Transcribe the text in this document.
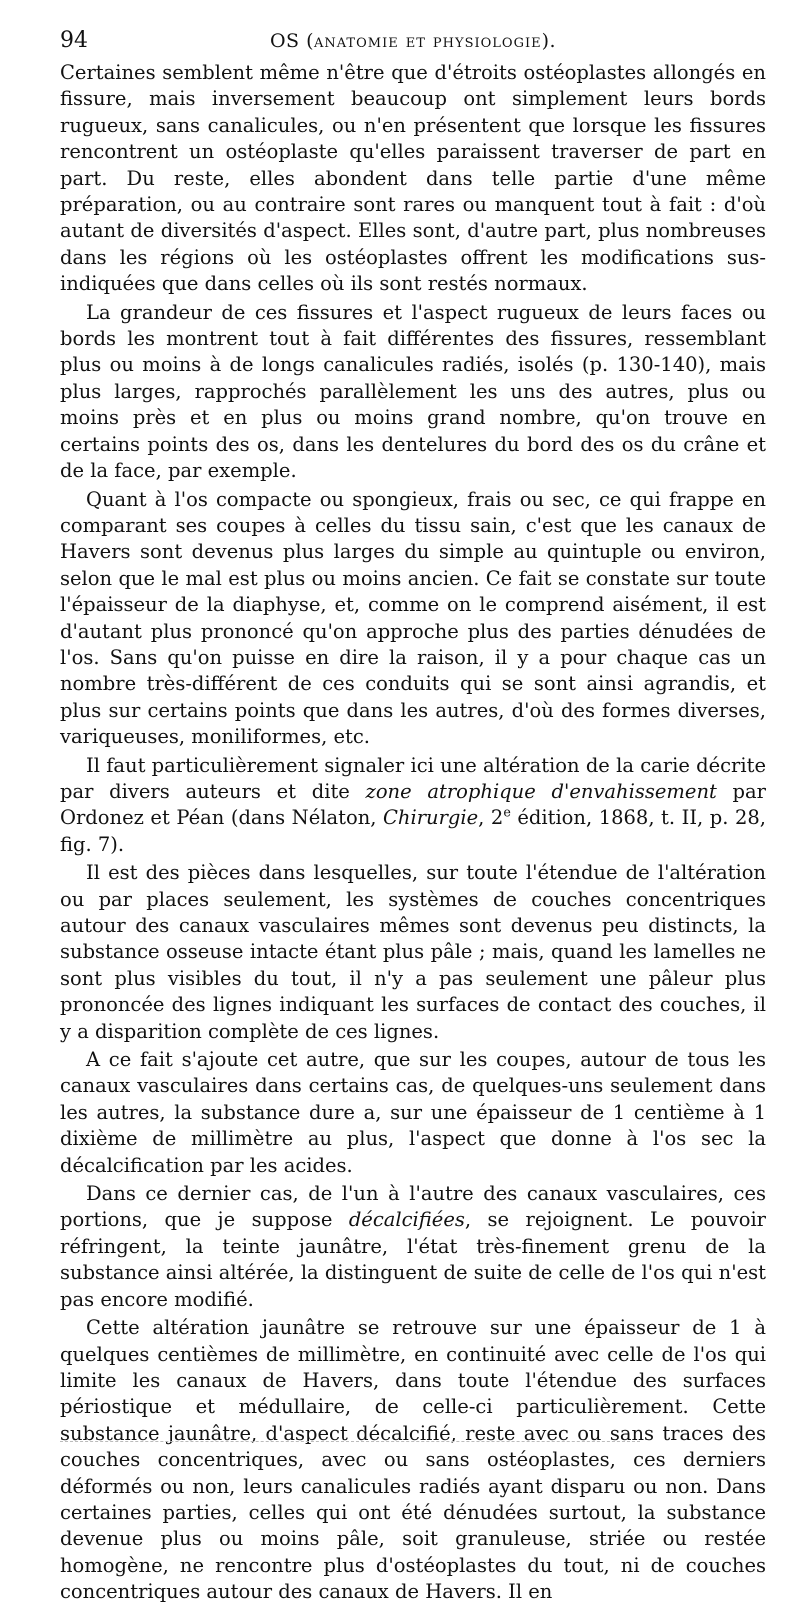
94	OS (anatomie et physiologie).

Certaines semblent même n'être que d'étroits ostéoplastes allongés en fissure, mais inversement beaucoup ont simplement leurs bords rugueux, sans canalicules, ou n'en présentent que lorsque les fissures rencontrent un ostéoplaste qu'elles paraissent traverser de part en part. Du reste, elles abondent dans telle partie d'une même préparation, ou au contraire sont rares ou manquent tout à fait : d'où autant de diversités d'aspect. Elles sont, d'autre part, plus nombreuses dans les régions où les ostéoplastes offrent les modifications sus-indiquées que dans celles où ils sont restés normaux.

La grandeur de ces fissures et l'aspect rugueux de leurs faces ou bords les montrent tout à fait différentes des fissures, ressemblant plus ou moins à de longs canalicules radiés, isolés (p. 130-140), mais plus larges, rapprochés parallèlement les uns des autres, plus ou moins près et en plus ou moins grand nombre, qu'on trouve en certains points des os, dans les dentelures du bord des os du crâne et de la face, par exemple.

Quant à l'os compacte ou spongieux, frais ou sec, ce qui frappe en comparant ses coupes à celles du tissu sain, c'est que les canaux de Havers sont devenus plus larges du simple au quintuple ou environ, selon que le mal est plus ou moins ancien. Ce fait se constate sur toute l'épaisseur de la diaphyse, et, comme on le comprend aisément, il est d'autant plus prononcé qu'on approche plus des parties dénudées de l'os. Sans qu'on puisse en dire la raison, il y a pour chaque cas un nombre très-différent de ces conduits qui se sont ainsi agrandis, et plus sur certains points que dans les autres, d'où des formes diverses, variqueuses, moniliformes, etc.

Il faut particulièrement signaler ici une altération de la carie décrite par divers auteurs et dite zone atrophique d'envahissement par Ordonez et Péan (dans Nélaton, Chirurgie, 2e édition, 1868, t. II, p. 28, fig. 7).

Il est des pièces dans lesquelles, sur toute l'étendue de l'altération ou par places seulement, les systèmes de couches concentriques autour des canaux vasculaires mêmes sont devenus peu distincts, la substance osseuse intacte étant plus pâle ; mais, quand les lamelles ne sont plus visibles du tout, il n'y a pas seulement une pâleur plus prononcée des lignes indiquant les surfaces de contact des couches, il y a disparition complète de ces lignes.

A ce fait s'ajoute cet autre, que sur les coupes, autour de tous les canaux vasculaires dans certains cas, de quelques-uns seulement dans les autres, la substance dure a, sur une épaisseur de 1 centième à 1 dixième de millimètre au plus, l'aspect que donne à l'os sec la décalcification par les acides.

Dans ce dernier cas, de l'un à l'autre des canaux vasculaires, ces portions, que je suppose décalcifiées, se rejoignent. Le pouvoir réfringent, la teinte jaunâtre, l'état très-finement grenu de la substance ainsi altérée, la distinguent de suite de celle de l'os qui n'est pas encore modifié.

Cette altération jaunâtre se retrouve sur une épaisseur de 1 à quelques centièmes de millimètre, en continuité avec celle de l'os qui limite les canaux de Havers, dans toute l'étendue des surfaces périostique et médullaire, de celle-ci particulièrement. Cette substance jaunâtre, d'aspect décalcifié, reste avec ou sans traces des couches concentriques, avec ou sans ostéoplastes, ces derniers déformés ou non, leurs canalicules radiés ayant disparu ou non. Dans certaines parties, celles qui ont été dénudées surtout, la substance devenue plus ou moins pâle, soit granuleuse, striée ou restée homogène, ne rencontre plus d'ostéoplastes du tout, ni de couches concentriques autour des canaux de Havers. Il en
